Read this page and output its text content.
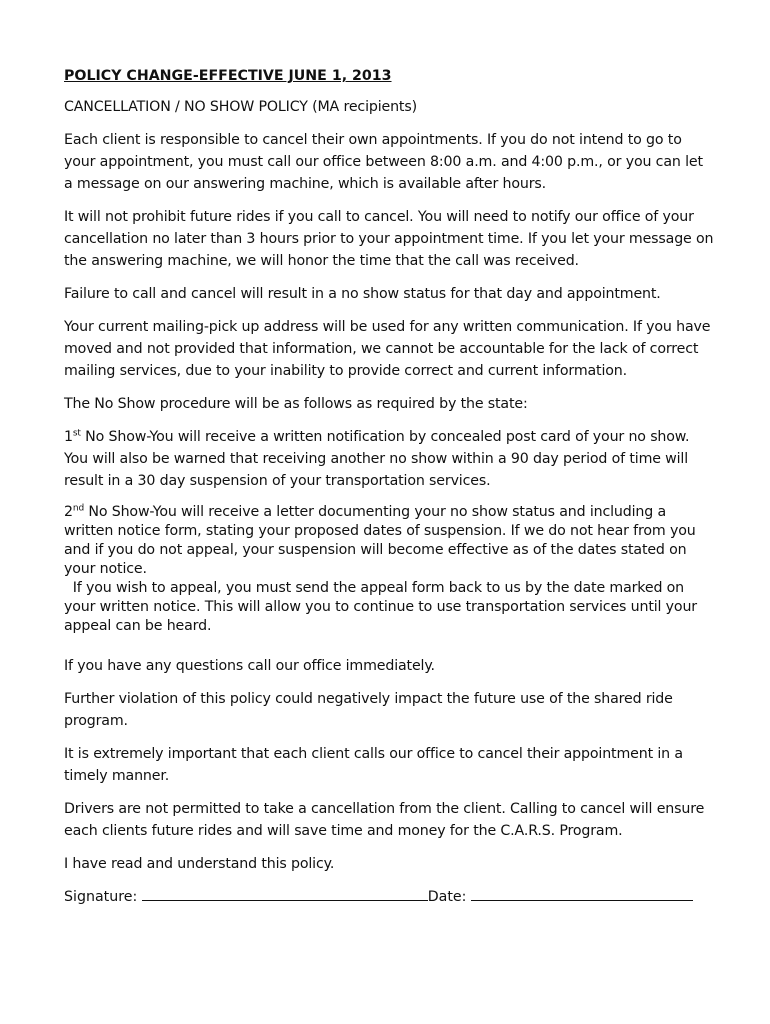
POLICY CHANGE-EFFECTIVE JUNE 1, 2013
CANCELLATION / NO SHOW POLICY (MA recipients)
Each client is responsible to cancel their own appointments. If you do not intend to go to your appointment, you must call our office between 8:00 a.m. and 4:00 p.m., or you can let a message on our answering machine, which is available after hours.
It will not prohibit future rides if you call to cancel. You will need to notify our office of your cancellation no later than 3 hours prior to your appointment time. If you let your message on the answering machine, we will honor the time that the call was received.
Failure to call and cancel will result in a no show status for that day and appointment.
Your current mailing-pick up address will be used for any written communication. If you have moved and not provided that information, we cannot be accountable for the lack of correct mailing services, due to your inability to provide correct and current information.
The No Show procedure will be as follows as required by the state:
1st No Show-You will receive a written notification by concealed post card of your no show. You will also be warned that receiving another no show within a 90 day period of time will result in a 30 day suspension of your transportation services.
2nd No Show-You will receive a letter documenting your no show status and including a written notice form, stating your proposed dates of suspension. If we do not hear from you and if you do not appeal, your suspension will become effective as of the dates stated on your notice.
If you wish to appeal, you must send the appeal form back to us by the date marked on your written notice. This will allow you to continue to use transportation services until your appeal can be heard.
If you have any questions call our office immediately.
Further violation of this policy could negatively impact the future use of the shared ride program.
It is extremely important that each client calls our office to cancel their appointment in a timely manner.
Drivers are not permitted to take a cancellation from the client. Calling to cancel will ensure each clients future rides and will save time and money for the C.A.R.S. Program.
I have read and understand this policy.
Signature:	Date:
